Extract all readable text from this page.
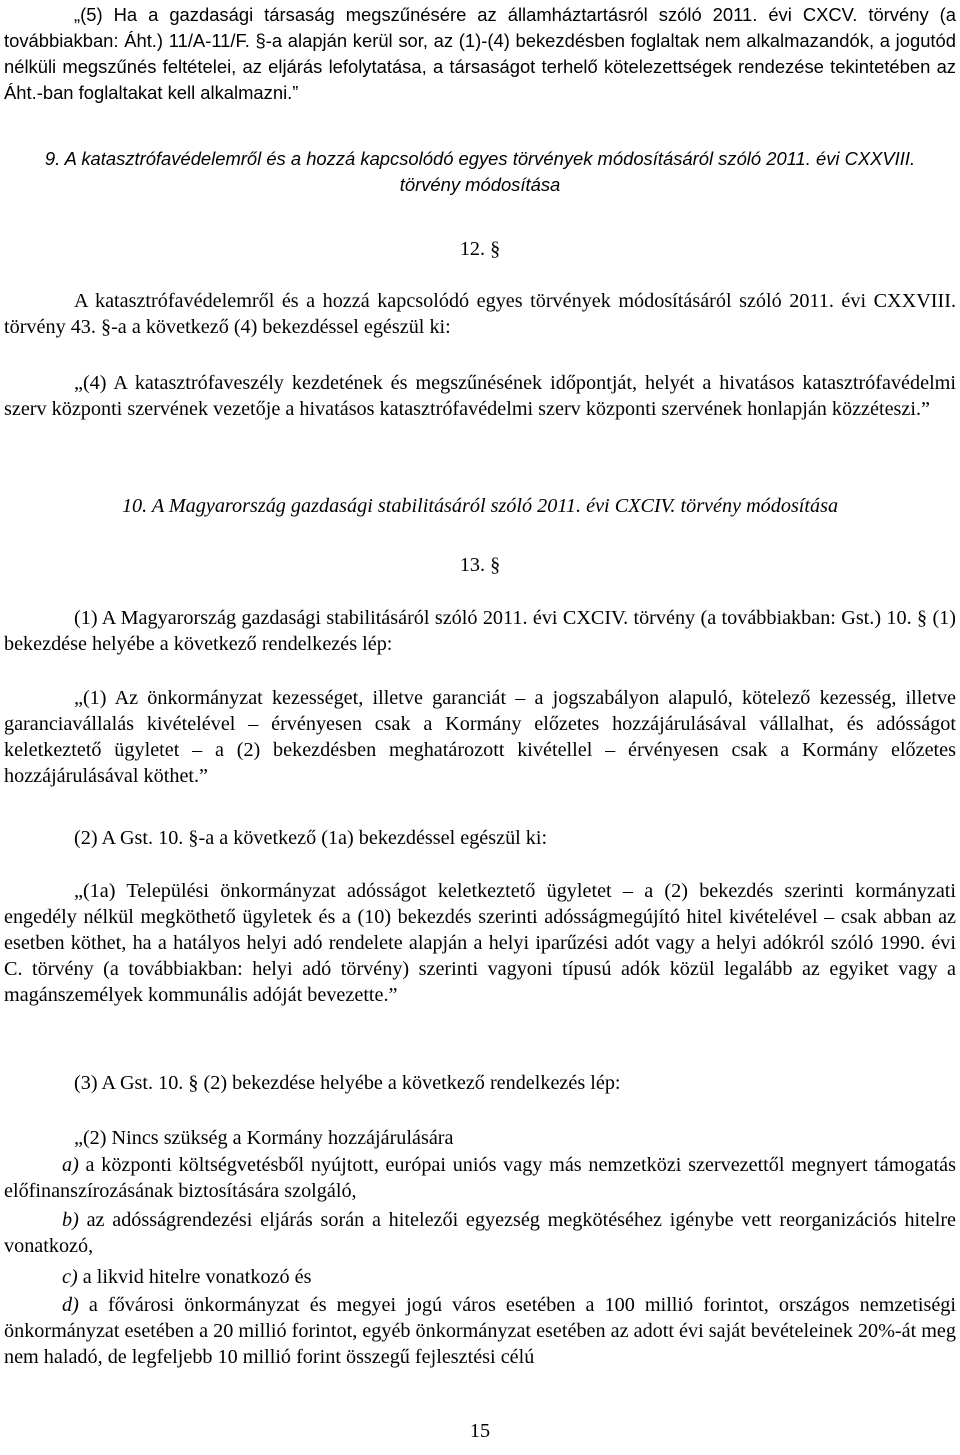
„(5) Ha a gazdasági társaság megszűnésére az államháztartásról szóló 2011. évi CXCV. törvény (a továbbiakban: Áht.) 11/A-11/F. §-a alapján kerül sor, az (1)-(4) bekezdésben foglaltak nem alkalmazandók, a jogutód nélküli megszűnés feltételei, az eljárás lefolytatása, a társaságot terhelő kötelezettségek rendezése tekintetében az Áht.-ban foglaltakat kell alkalmazni.”

9. A katasztrófavédelemről és a hozzá kapcsolódó egyes törvények módosításáról szóló 2011. évi CXXVIII. törvény módosítása

12. §

A katasztrófavédelemről és a hozzá kapcsolódó egyes törvények módosításáról szóló 2011. évi CXXVIII. törvény 43. §-a a következő (4) bekezdéssel egészül ki:

„(4) A katasztrófaveszély kezdetének és megszűnésének időpontját, helyét a hivatásos katasztrófavédelmi szerv központi szervének vezetője a hivatásos katasztrófavédelmi szerv központi szervének honlapján közzéteszi.”

10. A Magyarország gazdasági stabilitásáról szóló 2011. évi CXCIV. törvény módosítása

13. §

(1) A Magyarország gazdasági stabilitásáról szóló 2011. évi CXCIV. törvény (a továbbiakban: Gst.) 10. § (1) bekezdése helyébe a következő rendelkezés lép:

„(1) Az önkormányzat kezességet, illetve garanciát – a jogszabályon alapuló, kötelező kezesség, illetve garanciavállalás kivételével – érvényesen csak a Kormány előzetes hozzájárulásával vállalhat, és adósságot keletkeztető ügyletet – a (2) bekezdésben meghatározott kivétellel – érvényesen csak a Kormány előzetes hozzájárulásával köthet.”

(2) A Gst. 10. §-a a következő (1a) bekezdéssel egészül ki:

„(1a) Települési önkormányzat adósságot keletkeztető ügyletet – a (2) bekezdés szerinti kormányzati engedély nélkül megköthető ügyletek és a (10) bekezdés szerinti adósságmegújító hitel kivételével – csak abban az esetben köthet, ha a hatályos helyi adó rendelete alapján a helyi iparűzési adót vagy a helyi adókról szóló 1990. évi C. törvény (a továbbiakban: helyi adó törvény) szerinti vagyoni típusú adók közül legalább az egyiket vagy a magánszemélyek kommunális adóját bevezette.”

(3) A Gst. 10. § (2) bekezdése helyébe a következő rendelkezés lép:

„(2) Nincs szükség a Kormány hozzájárulására

a) a központi költségvetésből nyújtott, európai uniós vagy más nemzetközi szervezettől megnyert támogatás előfinanszírozásának biztosítására szolgáló,

b) az adósságrendezési eljárás során a hitelezői egyezség megkötéséhez igénybe vett reorganizációs hitelre vonatkozó,

c) a likvid hitelre vonatkozó és

d) a fővárosi önkormányzat és megyei jogú város esetében a 100 millió forintot, országos nemzetiségi önkormányzat esetében a 20 millió forintot, egyéb önkormányzat esetében az adott évi saját bevételeinek 20%-át meg nem haladó, de legfeljebb 10 millió forint összegű fejlesztési célú

15
